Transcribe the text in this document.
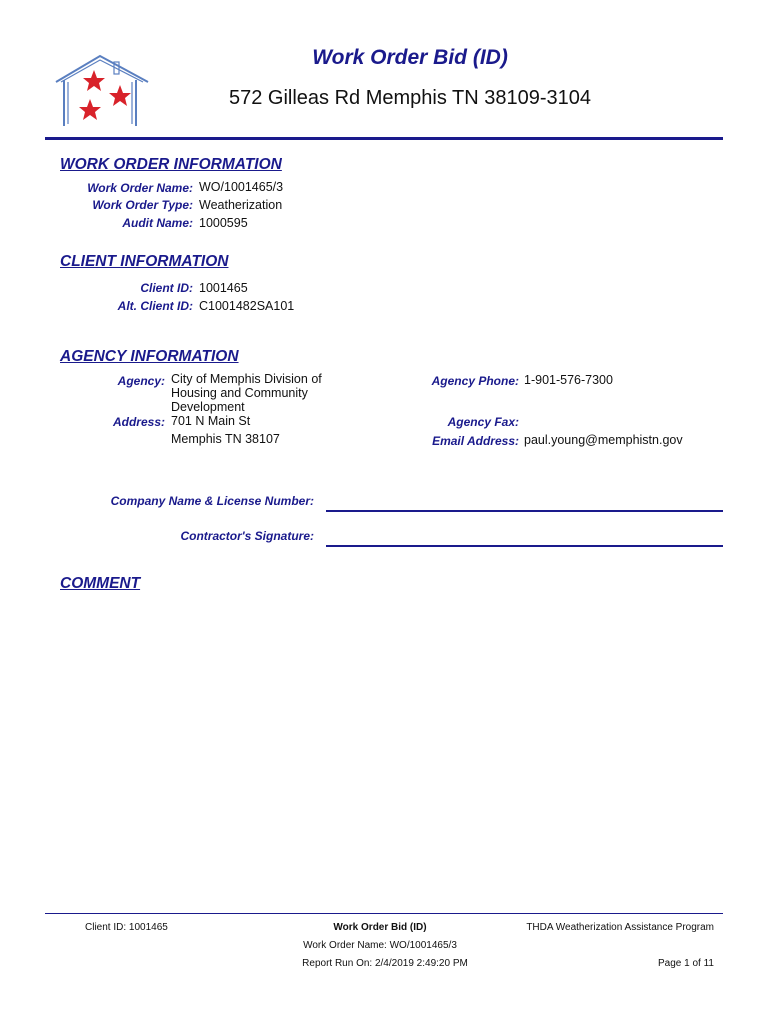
Work Order Bid (ID)
572 Gilleas Rd Memphis TN 38109-3104
WORK ORDER INFORMATION
Work Order Name: WO/1001465/3
Work Order Type: Weatherization
Audit Name: 1000595
CLIENT INFORMATION
Client ID: 1001465
Alt. Client ID: C1001482SA101
AGENCY INFORMATION
Agency: City of Memphis Division of
Housing and Community
Development
Address: 701 N Main St
Memphis TN 38107
Agency Phone: 1-901-576-7300
Agency Fax:
Email Address: paul.young@memphistn.gov
Company Name & License Number:
Contractor's Signature:
COMMENT
Client ID: 1001465	Work Order Bid (ID)	THDA Weatherization Assistance Program
Work Order Name: WO/1001465/3
Report Run On: 2/4/2019 2:49:20 PM	Page 1 of 11
